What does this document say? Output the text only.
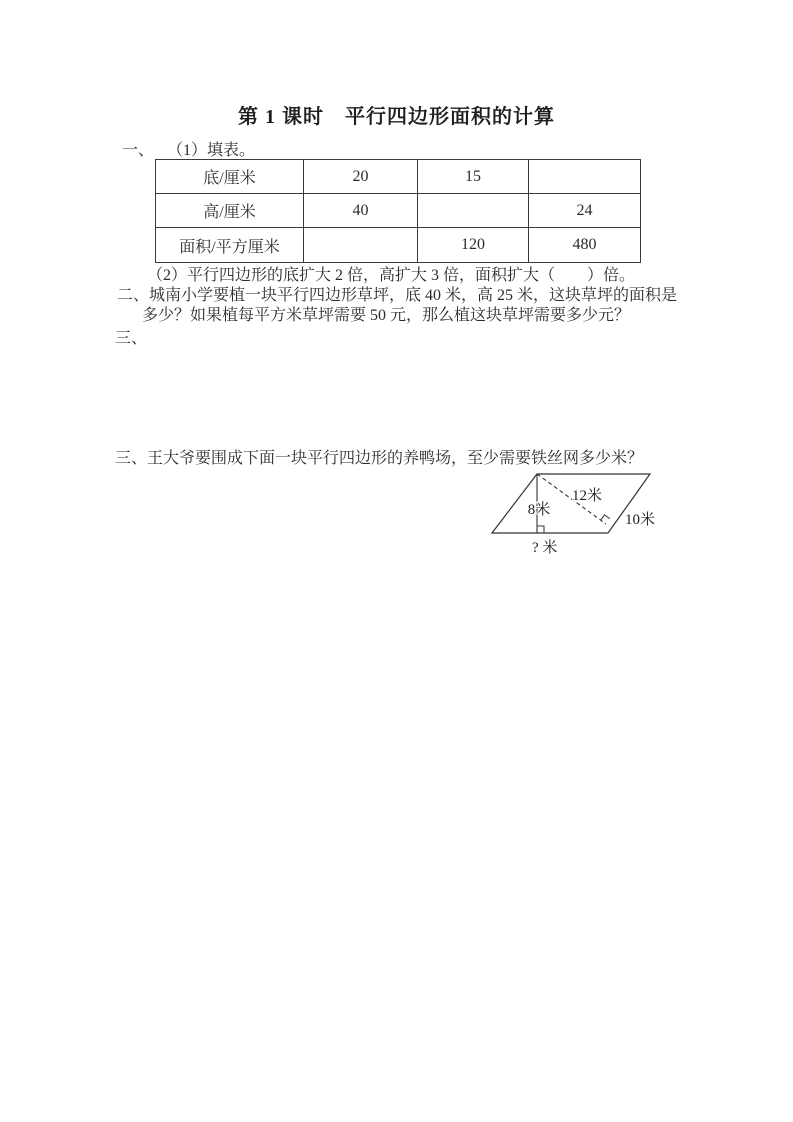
第 1 课时　平行四边形面积的计算
一、 （1）填表。
底/厘米	20	15	
高/厘米	40		24
面积/平方厘米		120	480
（2）平行四边形的底扩大 2 倍，高扩大 3 倍，面积扩大（　　）倍。
二、城南小学要植一块平行四边形草坪，底 40 米，高 25 米，这块草坪的面积是
多少？如果植每平方米草坪需要 50 元，那么植这块草坪需要多少元？
三、
三、王大爷要围成下面一块平行四边形的养鸭场，至少需要铁丝网多少米？
8米
12米
10米
? 米
